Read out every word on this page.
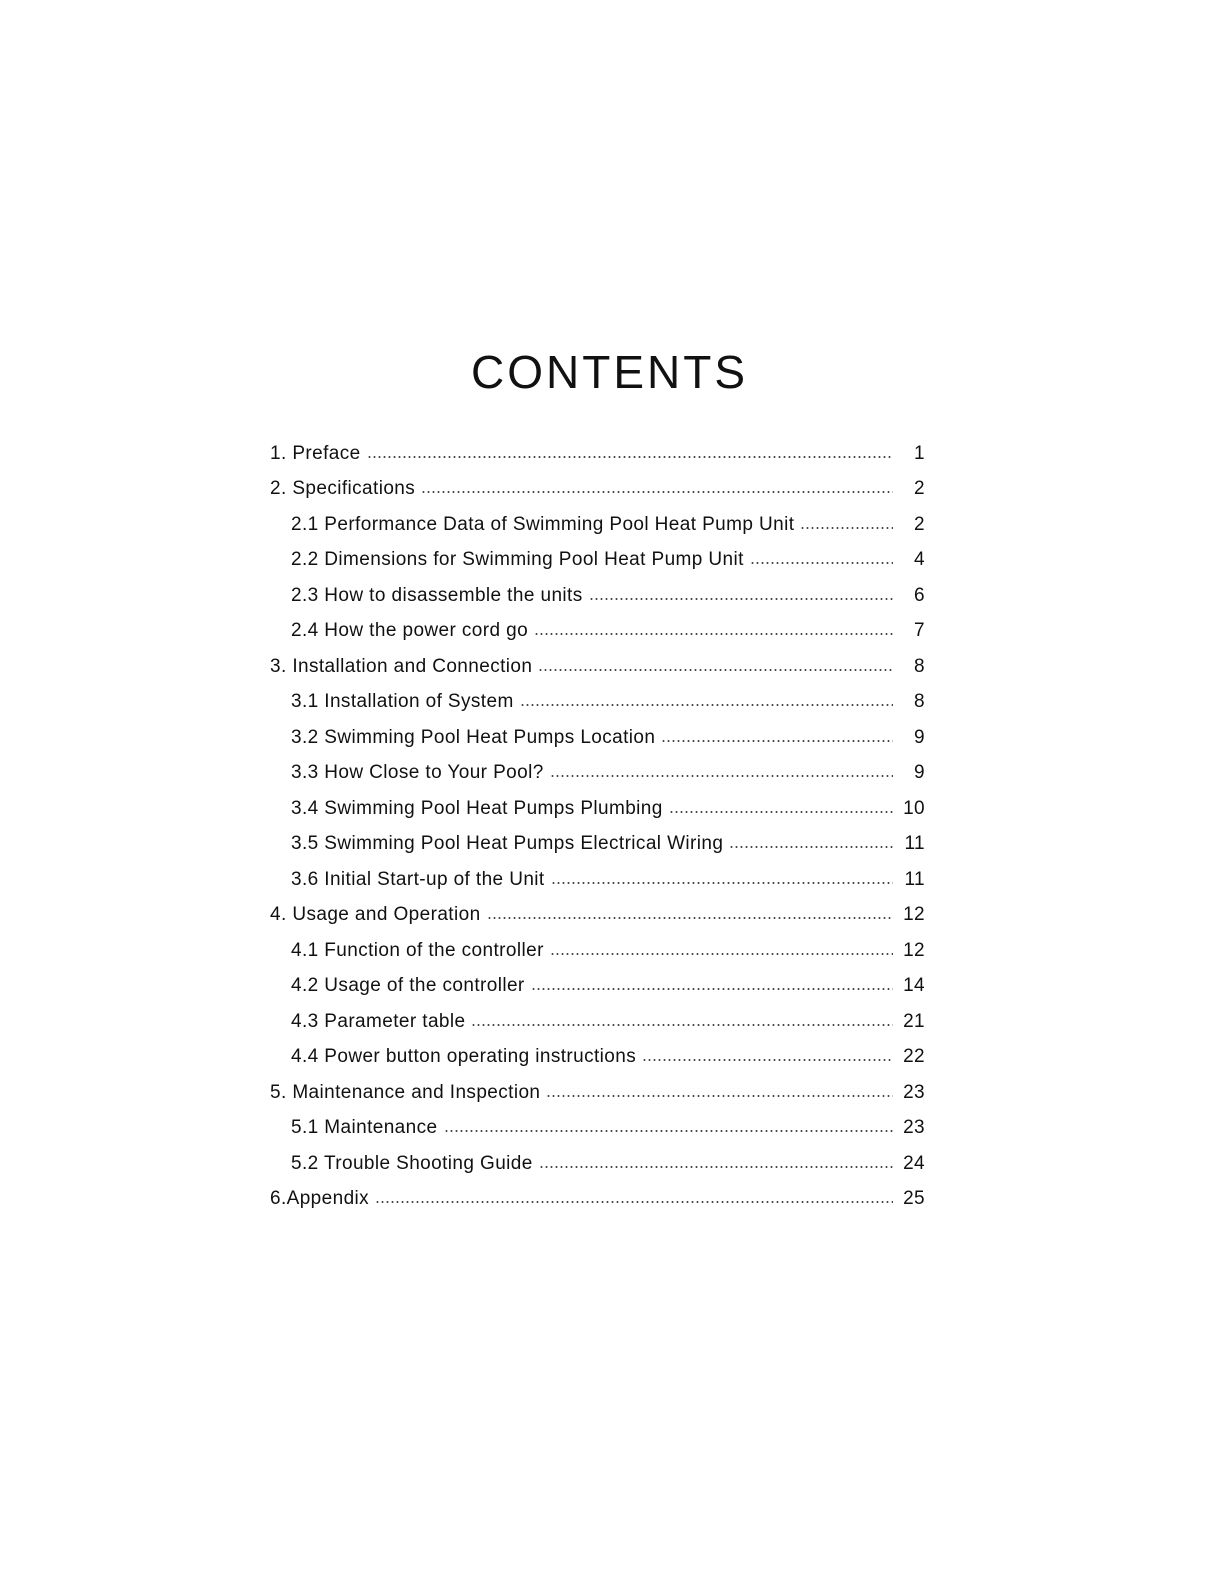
CONTENTS
1. Preface	1
2. Specifications	2
2.1 Performance Data of Swimming Pool Heat Pump Unit	2
2.2 Dimensions for Swimming Pool Heat Pump Unit	4
2.3 How to disassemble the units	6
2.4 How the power cord go	7
3. Installation and Connection	8
3.1 Installation of System	8
3.2 Swimming Pool Heat Pumps Location	9
3.3 How Close to Your Pool?	9
3.4 Swimming Pool Heat Pumps Plumbing	10
3.5 Swimming Pool Heat Pumps Electrical Wiring	11
3.6 Initial Start-up of the Unit	11
4. Usage and Operation	12
4.1 Function of the controller	12
4.2 Usage of the controller	14
4.3 Parameter table	21
4.4 Power button operating instructions	22
5. Maintenance and Inspection	23
5.1 Maintenance	23
5.2 Trouble Shooting Guide	24
6.Appendix	25
